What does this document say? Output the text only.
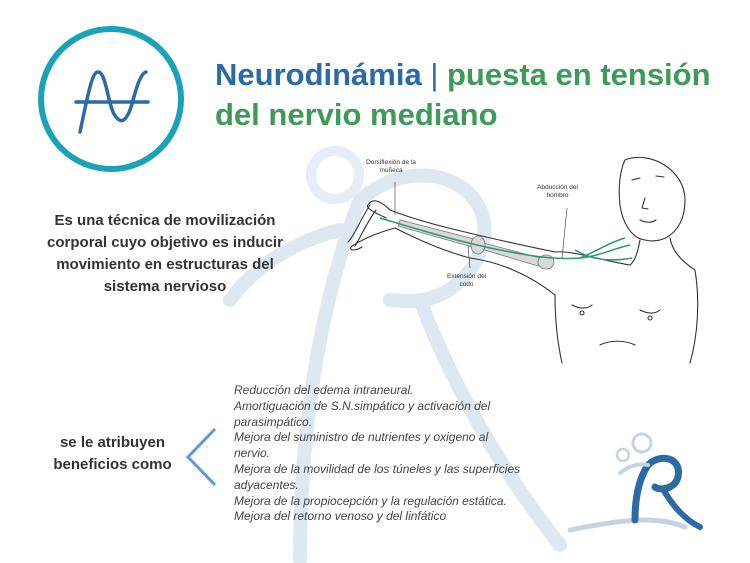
Neurodinámia | puesta en tensión del nervio mediano
Es una técnica de movilización corporal cuyo objetivo es inducir movimiento en estructuras del sistema nervioso
se le atribuyen beneficios como
Reducción del edema intraneural.
Amortiguación de S.N.simpático y activación del parasimpático.
Mejora del suministro de nutrientes y oxigeno al nervio.
Mejora de la movilidad de los túneles y las superficies adyacentes.
Mejora de la propiocepción y la regulación estática.
Mejora del retorno venoso y del linfático
Dorsiflexión de la muñeca
Abducción del hombro
Extensión del codo
